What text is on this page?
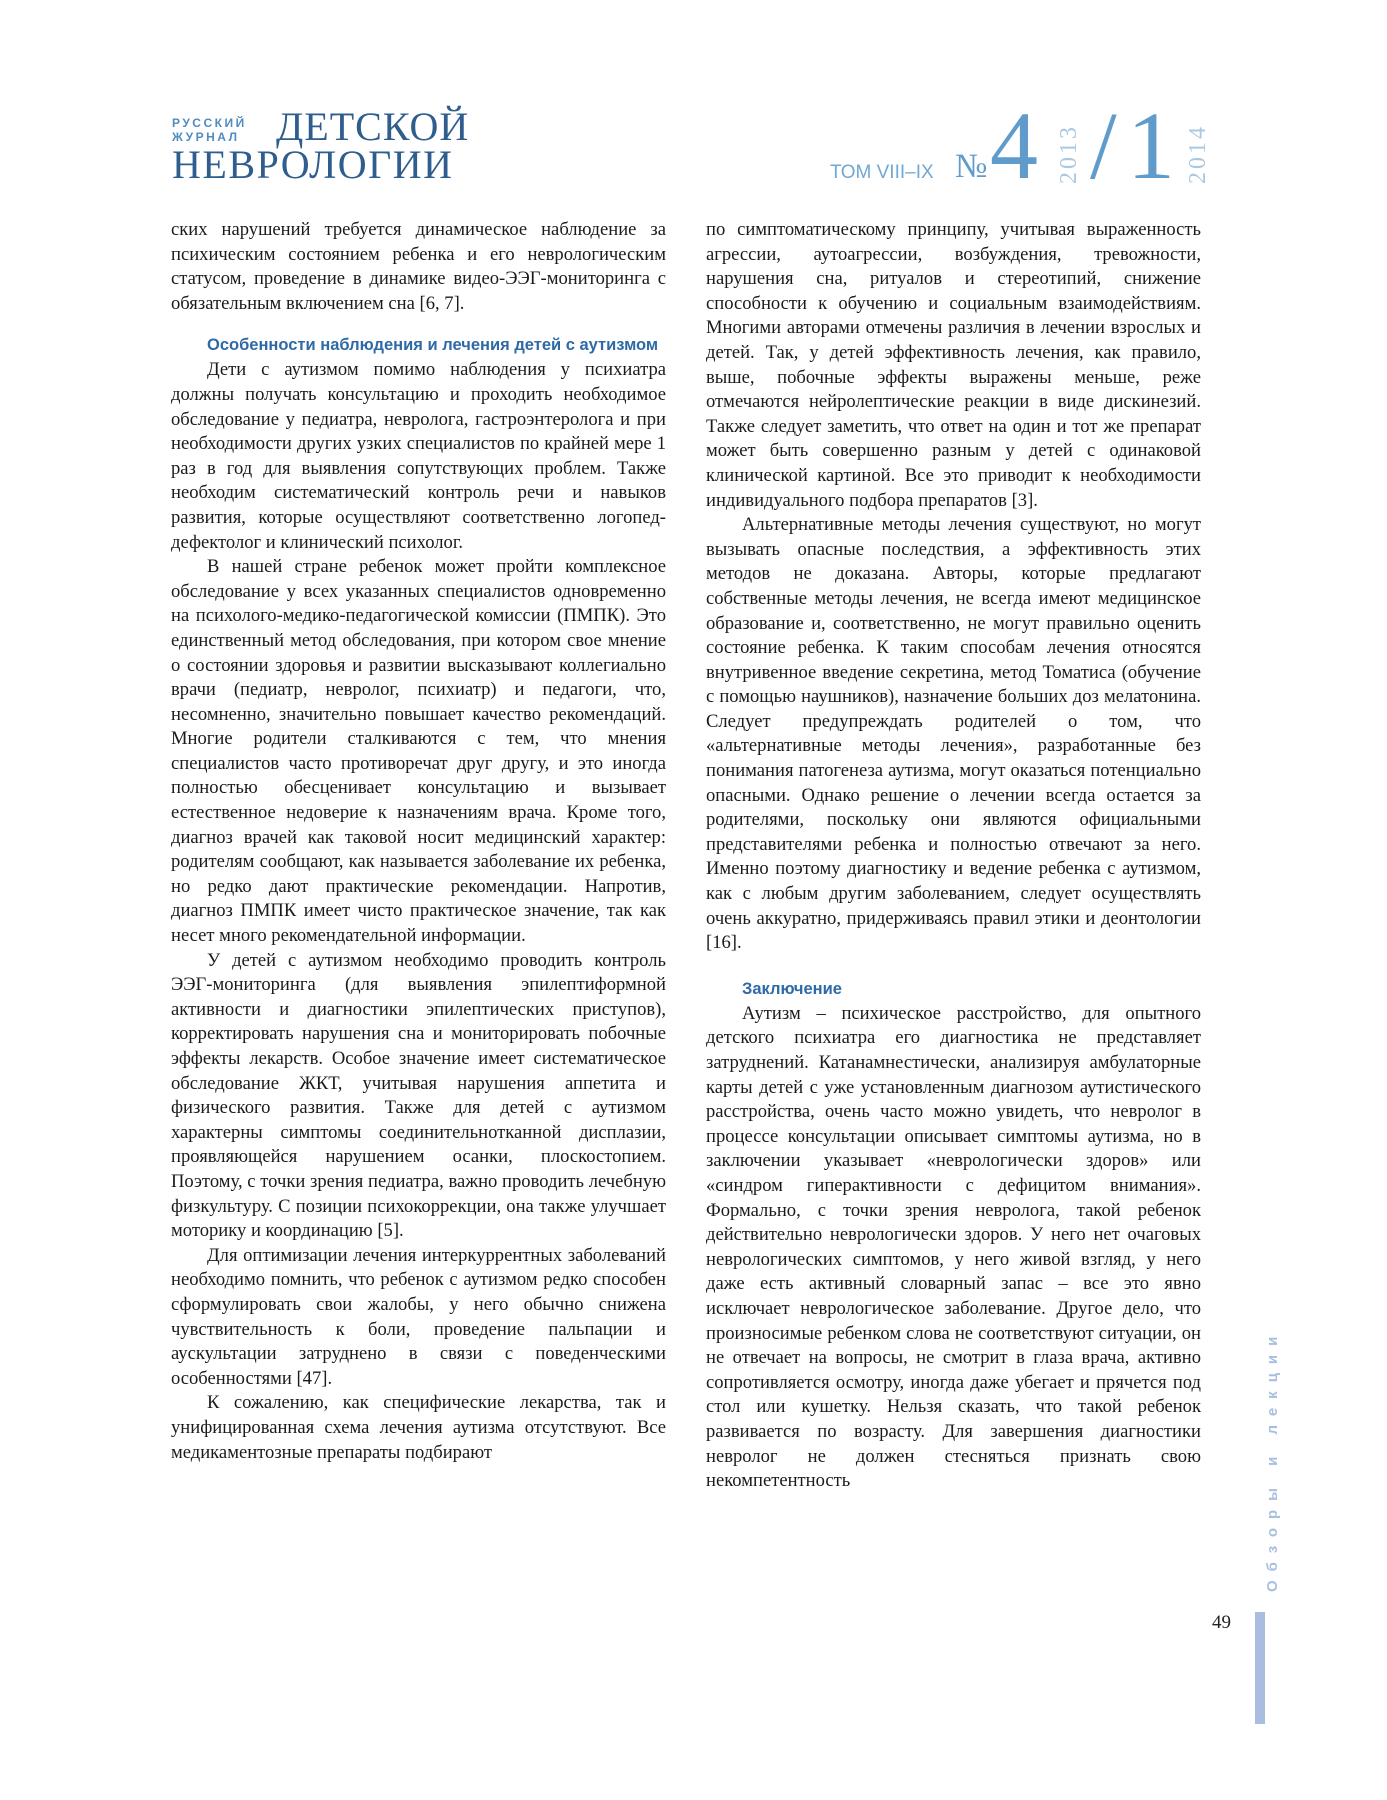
РУССКИЙ ЖУРНАЛ ДЕТСКОЙ
НЕВРОЛОГИИ	ТОМ VIII–IX № 4 2013 / 1 2014

ских нарушений требуется динамическое наблюдение за психическим состоянием ребенка и его неврологическим статусом, проведение в динамике видео-ЭЭГ-мониторинга с обязательным включением сна [6, 7].

Особенности наблюдения и лечения детей с аутизмом

Дети с аутизмом помимо наблюдения у психиатра должны получать консультацию и проходить необходимое обследование у педиатра, невролога, гастроэнтеролога и при необходимости других узких специалистов по крайней мере 1 раз в год для выявления сопутствующих проблем. Также необходим систематический контроль речи и навыков развития, которые осуществляют соответственно логопед-дефектолог и клинический психолог.

В нашей стране ребенок может пройти комплексное обследование у всех указанных специалистов одновременно на психолого-медико-педагогической комиссии (ПМПК). Это единственный метод обследования, при котором свое мнение о состоянии здоровья и развитии высказывают коллегиально врачи (педиатр, невролог, психиатр) и педагоги, что, несомненно, значительно повышает качество рекомендаций. Многие родители сталкиваются с тем, что мнения специалистов часто противоречат друг другу, и это иногда полностью обесценивает консультацию и вызывает естественное недоверие к назначениям врача. Кроме того, диагноз врачей как таковой носит медицинский характер: родителям сообщают, как называется заболевание их ребенка, но редко дают практические рекомендации. Напротив, диагноз ПМПК имеет чисто практическое значение, так как несет много рекомендательной информации.

У детей с аутизмом необходимо проводить контроль ЭЭГ-мониторинга (для выявления эпилептиформной активности и диагностики эпилептических приступов), корректировать нарушения сна и мониторировать побочные эффекты лекарств. Особое значение имеет систематическое обследование ЖКТ, учитывая нарушения аппетита и физического развития. Также для детей с аутизмом характерны симптомы соединительнотканной дисплазии, проявляющейся нарушением осанки, плоскостопием. Поэтому, с точки зрения педиатра, важно проводить лечебную физкультуру. С позиции психокоррекции, она также улучшает моторику и координацию [5].

Для оптимизации лечения интеркуррентных заболеваний необходимо помнить, что ребенок с аутизмом редко способен сформулировать свои жалобы, у него обычно снижена чувствительность к боли, проведение пальпации и аускультации затруднено в связи с поведенческими особенностями [47].

К сожалению, как специфические лекарства, так и унифицированная схема лечения аутизма отсутствуют. Все медикаментозные препараты подбирают

по симптоматическому принципу, учитывая выраженность агрессии, аутоагрессии, возбуждения, тревожности, нарушения сна, ритуалов и стереотипий, снижение способности к обучению и социальным взаимодействиям. Многими авторами отмечены различия в лечении взрослых и детей. Так, у детей эффективность лечения, как правило, выше, побочные эффекты выражены меньше, реже отмечаются нейролептические реакции в виде дискинезий. Также следует заметить, что ответ на один и тот же препарат может быть совершенно разным у детей с одинаковой клинической картиной. Все это приводит к необходимости индивидуального подбора препаратов [3].

Альтернативные методы лечения существуют, но могут вызывать опасные последствия, а эффективность этих методов не доказана. Авторы, которые предлагают собственные методы лечения, не всегда имеют медицинское образование и, соответственно, не могут правильно оценить состояние ребенка. К таким способам лечения относятся внутривенное введение секретина, метод Томатиса (обучение с помощью наушников), назначение больших доз мелатонина. Следует предупреждать родителей о том, что «альтернативные методы лечения», разработанные без понимания патогенеза аутизма, могут оказаться потенциально опасными. Однако решение о лечении всегда остается за родителями, поскольку они являются официальными представителями ребенка и полностью отвечают за него. Именно поэтому диагностику и ведение ребенка с аутизмом, как с любым другим заболеванием, следует осуществлять очень аккуратно, придерживаясь правил этики и деонтологии [16].

Заключение

Аутизм – психическое расстройство, для опытного детского психиатра его диагностика не представляет затруднений. Катанамнестически, анализируя амбулаторные карты детей с уже установленным диагнозом аутистического расстройства, очень часто можно увидеть, что невролог в процессе консультации описывает симптомы аутизма, но в заключении указывает «неврологически здоров» или «синдром гиперактивности с дефицитом внимания». Формально, с точки зрения невролога, такой ребенок действительно неврологически здоров. У него нет очаговых неврологических симптомов, у него живой взгляд, у него даже есть активный словарный запас – все это явно исключает неврологическое заболевание. Другое дело, что произносимые ребенком слова не соответствуют ситуации, он не отвечает на вопросы, не смотрит в глаза врача, активно сопротивляется осмотру, иногда даже убегает и прячется под стол или кушетку. Нельзя сказать, что такой ребенок развивается по возрасту. Для завершения диагностики невролог не должен стесняться признать свою некомпетентность	Обзоры и лекции
49
